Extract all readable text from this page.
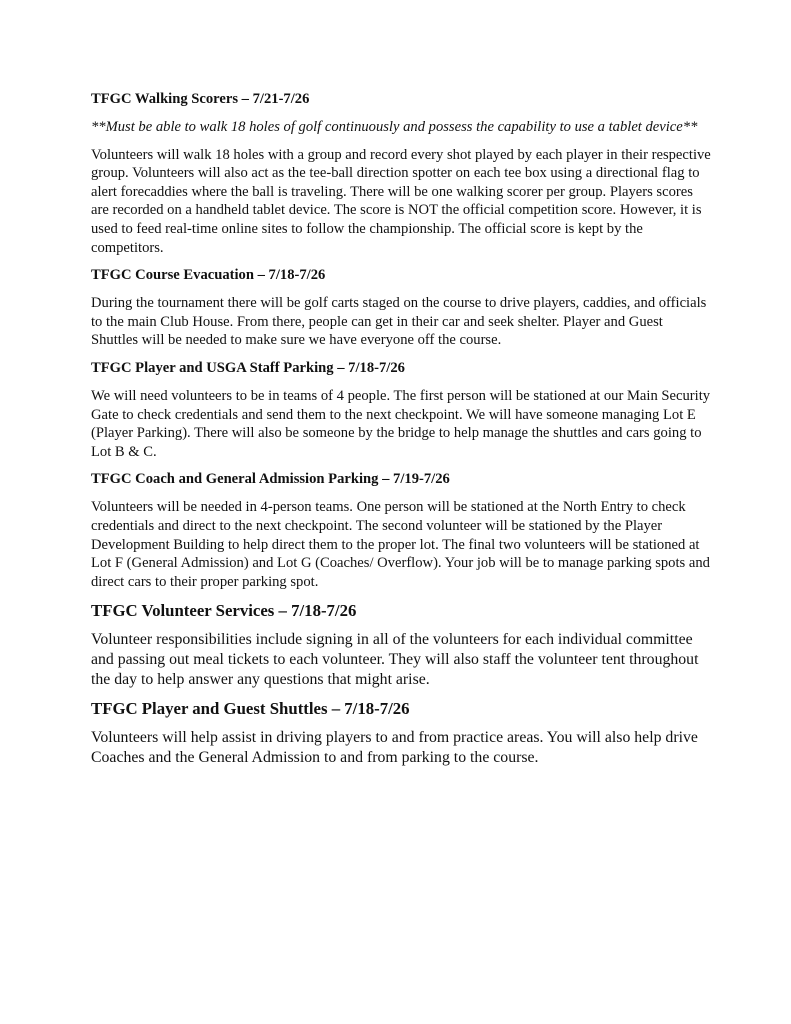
TFGC Walking Scorers – 7/21-7/26

**Must be able to walk 18 holes of golf continuously and possess the capability to use a tablet device**

Volunteers will walk 18 holes with a group and record every shot played by each player in their respective group. Volunteers will also act as the tee-ball direction spotter on each tee box using a directional flag to alert forecaddies where the ball is traveling. There will be one walking scorer per group. Players scores are recorded on a handheld tablet device. The score is NOT the official competition score. However, it is used to feed real-time online sites to follow the championship. The official score is kept by the competitors.

TFGC Course Evacuation – 7/18-7/26

During the tournament there will be golf carts staged on the course to drive players, caddies, and officials to the main Club House. From there, people can get in their car and seek shelter. Player and Guest Shuttles will be needed to make sure we have everyone off the course.

TFGC Player and USGA Staff Parking – 7/18-7/26

We will need volunteers to be in teams of 4 people. The first person will be stationed at our Main Security Gate to check credentials and send them to the next checkpoint. We will have someone managing Lot E (Player Parking). There will also be someone by the bridge to help manage the shuttles and cars going to Lot B & C.

TFGC Coach and General Admission Parking – 7/19-7/26

Volunteers will be needed in 4-person teams. One person will be stationed at the North Entry to check credentials and direct to the next checkpoint. The second volunteer will be stationed by the Player Development Building to help direct them to the proper lot. The final two volunteers will be stationed at Lot F (General Admission) and Lot G (Coaches/ Overflow). Your job will be to manage parking spots and direct cars to their proper parking spot.

TFGC Volunteer Services – 7/18-7/26

Volunteer responsibilities include signing in all of the volunteers for each individual committee and passing out meal tickets to each volunteer. They will also staff the volunteer tent throughout the day to help answer any questions that might arise.

TFGC Player and Guest Shuttles – 7/18-7/26

Volunteers will help assist in driving players to and from practice areas. You will also help drive Coaches and the General Admission to and from parking to the course.
